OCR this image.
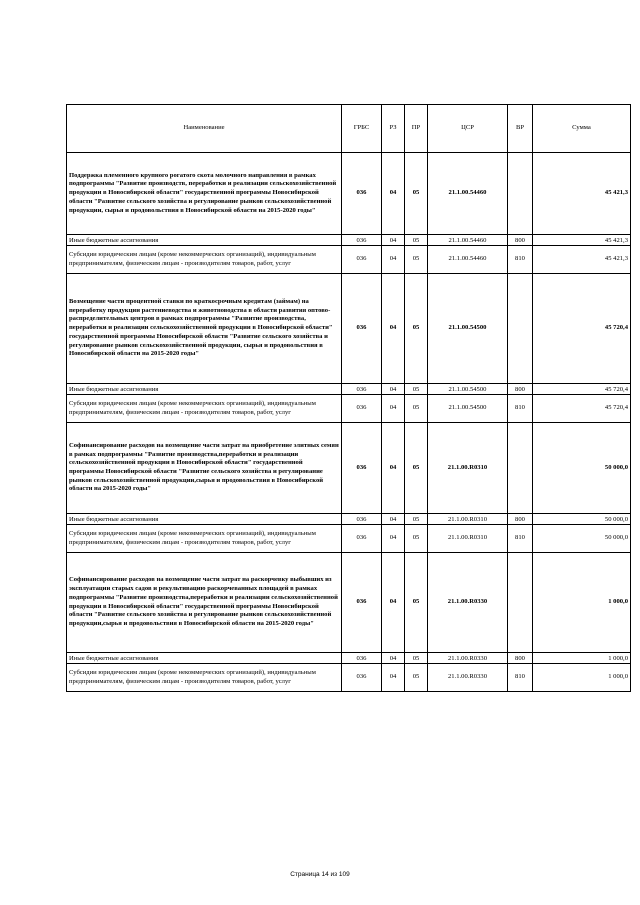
Наименование	ГРБС	РЗ	ПР	ЦСР	ВР	Сумма
Поддержка племенного крупного рогатого скота молочного направления в рамках подпрограммы "Развитие производств, переработки и реализации сельскохозяйственной продукции в Новосибирской области" государственной программы Новосибирской области "Развитие сельского хозяйства и регулирование рынков сельскохозяйственной продукции, сырья и продовольствия в Новосибирской области на 2015-2020 годы"	036	04	05	21.1.00.54460		45 421,3
Иные бюджетные ассигнования	036	04	05	21.1.00.54460	800	45 421,3
Субсидии юридическим лицам (кроме некоммерческих организаций), индивидуальным предпринимателям, физическим лицам - производителям товаров, работ, услуг	036	04	05	21.1.00.54460	810	45 421,3
Возмещение части процентной ставки по краткосрочным кредитам (займам) на переработку продукции растениеводства и животноводства в области развития оптово-распределительных центров в рамках подпрограммы "Развитие производства, переработки и реализации сельскохозяйственной продукции в Новосибирской области" государственной программы Новосибирской области "Развитие сельского хозяйства и регулирование рынков сельскохозяйственной продукции, сырья и продовольствия в Новосибирской области на 2015-2020 годы"	036	04	05	21.1.00.54500		45 720,4
Иные бюджетные ассигнования	036	04	05	21.1.00.54500	800	45 720,4
Субсидии юридическим лицам (кроме некоммерческих организаций), индивидуальным предпринимателям, физическим лицам - производителям товаров, работ, услуг	036	04	05	21.1.00.54500	810	45 720,4
Софинансирование расходов на возмещение части затрат на приобретение элитных семян в рамках подпрограммы "Развитие производства,переработки и реализации сельскохозяйственной продукции в Новосибирской области" государственной программы Новосибирской области "Развитие сельского хозяйства и регулирование рынков сельскохозяйственной продукции,сырья и продовольствия в Новосибирской области на 2015-2020 годы"	036	04	05	21.1.00.R0310		50 000,0
Иные бюджетные ассигнования	036	04	05	21.1.00.R0310	800	50 000,0
Субсидии юридическим лицам (кроме некоммерческих организаций), индивидуальным предпринимателям, физическим лицам - производителям товаров, работ, услуг	036	04	05	21.1.00.R0310	810	50 000,0
Софинансирование расходов на возмещение части затрат на раскорчевку выбывших из эксплуатации старых садов и рекультивацию раскорчеванных площадей в рамках подпрограммы "Развитие производства,переработки и реализации сельскохозяйственной продукции в Новосибирской области" государственной программы Новосибирской области "Развитие сельского хозяйства и регулирование рынков сельскохозяйственной продукции,сырья и продовольствия в Новосибирской области на 2015-2020 годы"	036	04	05	21.1.00.R0330		1 000,0
Иные бюджетные ассигнования	036	04	05	21.1.00.R0330	800	1 000,0
Субсидии юридическим лицам (кроме некоммерческих организаций), индивидуальным предпринимателям, физическим лицам - производителям товаров, работ, услуг	036	04	05	21.1.00.R0330	810	1 000,0
Страница 14 из 109
